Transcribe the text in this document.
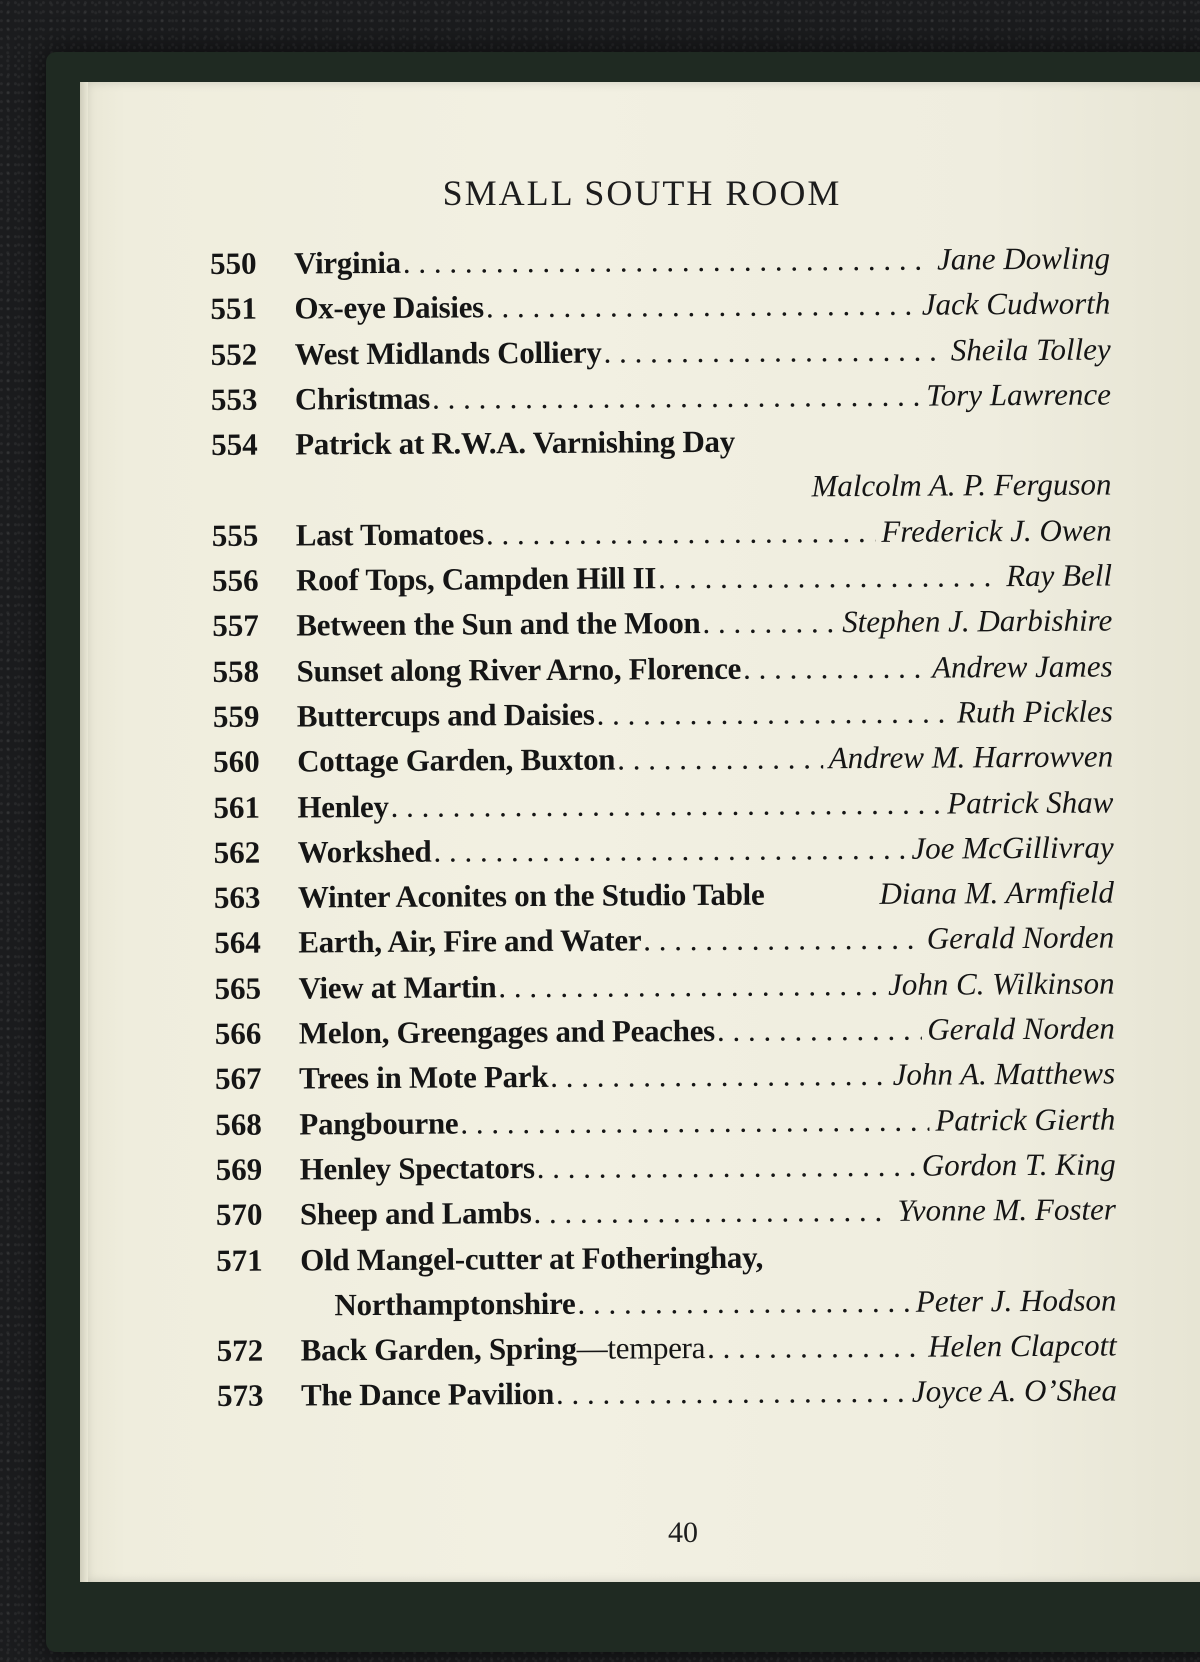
SMALL SOUTH ROOM
550	Virginia . . .	Jane Dowling
551	Ox-eye Daisies . . .	Jack Cudworth
552	West Midlands Colliery . . .	Sheila Tolley
553	Christmas . . .	Tory Lawrence
554	Patrick at R.W.A. Varnishing Day
Malcolm A. P. Ferguson
555	Last Tomatoes . . .	Frederick J. Owen
556	Roof Tops, Campden Hill II . . .	Ray Bell
557	Between the Sun and the Moon . . .	Stephen J. Darbishire
558	Sunset along River Arno, Florence . . .	Andrew James
559	Buttercups and Daisies . . .	Ruth Pickles
560	Cottage Garden, Buxton . . .	Andrew M. Harrowven
561	Henley . . .	Patrick Shaw
562	Workshed . . .	Joe McGillivray
563	Winter Aconites on the Studio Table	Diana M. Armfield
564	Earth, Air, Fire and Water . . .	Gerald Norden
565	View at Martin . . .	John C. Wilkinson
566	Melon, Greengages and Peaches . . .	Gerald Norden
567	Trees in Mote Park . . .	John A. Matthews
568	Pangbourne . . .	Patrick Gierth
569	Henley Spectators . . .	Gordon T. King
570	Sheep and Lambs . . .	Yvonne M. Foster
571	Old Mangel-cutter at Fotheringhay,
Northamptonshire . . .	Peter J. Hodson
572	Back Garden, Spring—tempera . . .	Helen Clapcott
573	The Dance Pavilion . . .	Joyce A. O’Shea
40
